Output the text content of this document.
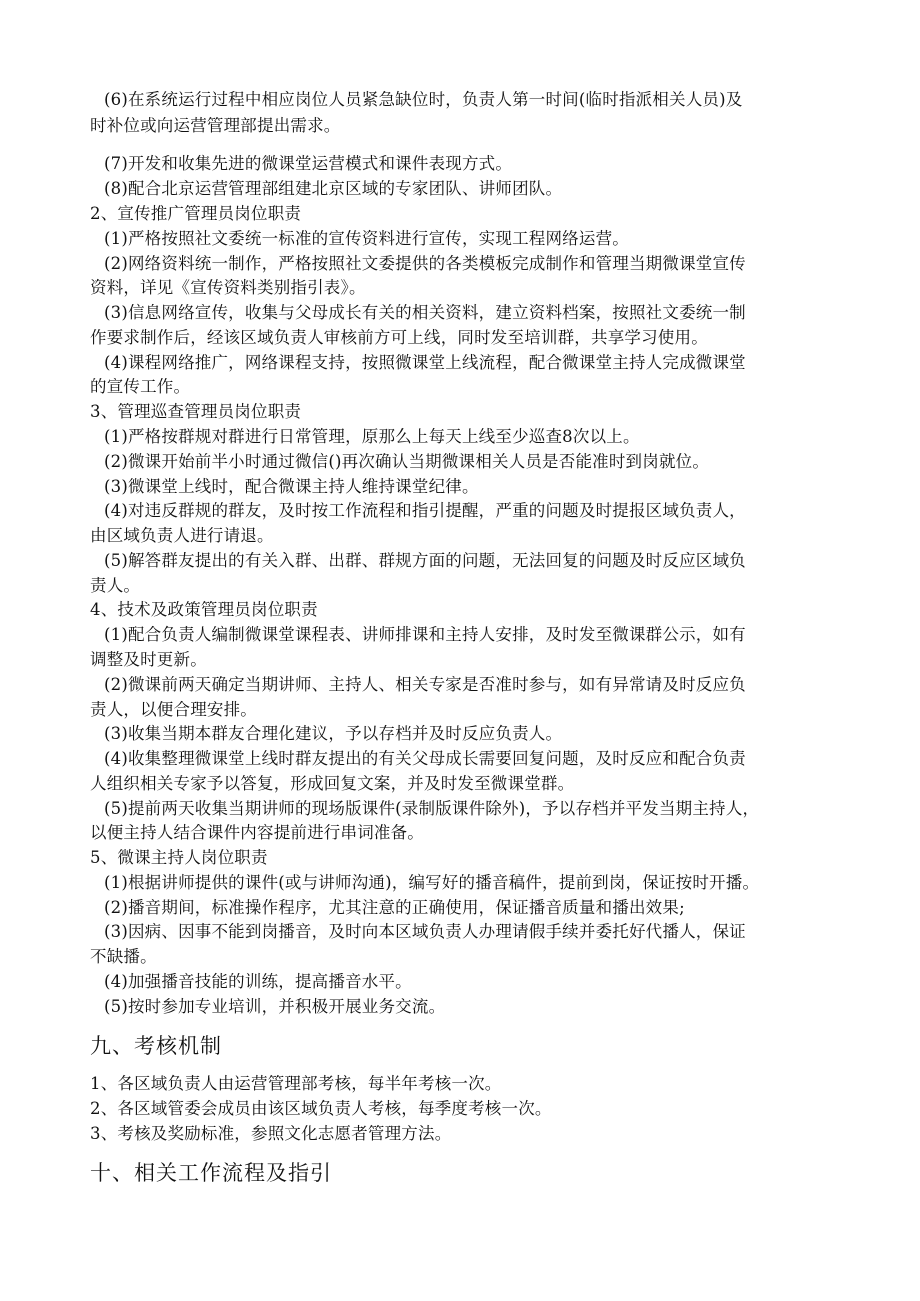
(6)在系统运行过程中相应岗位人员紧急缺位时，负责人第一时间(临时指派相关人员)及
时补位或向运营管理部提出需求。
(7)开发和收集先进的微课堂运营模式和课件表现方式。
(8)配合北京运营管理部组建北京区域的专家团队、讲师团队。
2、宣传推广管理员岗位职责
(1)严格按照社文委统一标准的宣传资料进行宣传，实现工程网络运营。
(2)网络资料统一制作，严格按照社文委提供的各类模板完成制作和管理当期微课堂宣传
资料，详见《宣传资料类别指引表》。
(3)信息网络宣传，收集与父母成长有关的相关资料，建立资料档案，按照社文委统一制
作要求制作后，经该区域负责人审核前方可上线，同时发至培训群，共享学习使用。
(4)课程网络推广，网络课程支持，按照微课堂上线流程，配合微课堂主持人完成微课堂
的宣传工作。
3、管理巡查管理员岗位职责
(1)严格按群规对群进行日常管理，原那么上每天上线至少巡查8次以上。
(2)微课开始前半小时通过微信()再次确认当期微课相关人员是否能准时到岗就位。
(3)微课堂上线时，配合微课主持人维持课堂纪律。
(4)对违反群规的群友，及时按工作流程和指引提醒，严重的问题及时提报区域负责人，
由区域负责人进行请退。
(5)解答群友提出的有关入群、出群、群规方面的问题，无法回复的问题及时反应区域负
责人。
4、技术及政策管理员岗位职责
(1)配合负责人编制微课堂课程表、讲师排课和主持人安排，及时发至微课群公示，如有
调整及时更新。
(2)微课前两天确定当期讲师、主持人、相关专家是否准时参与，如有异常请及时反应负
责人，以便合理安排。
(3)收集当期本群友合理化建议，予以存档并及时反应负责人。
(4)收集整理微课堂上线时群友提出的有关父母成长需要回复问题，及时反应和配合负责
人组织相关专家予以答复，形成回复文案，并及时发至微课堂群。
(5)提前两天收集当期讲师的现场版课件(录制版课件除外)，予以存档并平发当期主持人，
以便主持人结合课件内容提前进行串词准备。
5、微课主持人岗位职责
(1)根据讲师提供的课件(或与讲师沟通)，编写好的播音稿件，提前到岗，保证按时开播。
(2)播音期间，标准操作程序，尤其注意的正确使用，保证播音质量和播出效果;
(3)因病、因事不能到岗播音，及时向本区域负责人办理请假手续并委托好代播人，保证
不缺播。
(4)加强播音技能的训练，提高播音水平。
(5)按时参加专业培训，并积极开展业务交流。
九、考核机制
1、各区域负责人由运营管理部考核，每半年考核一次。
2、各区域管委会成员由该区域负责人考核，每季度考核一次。
3、考核及奖励标准，参照文化志愿者管理方法。
十、相关工作流程及指引
